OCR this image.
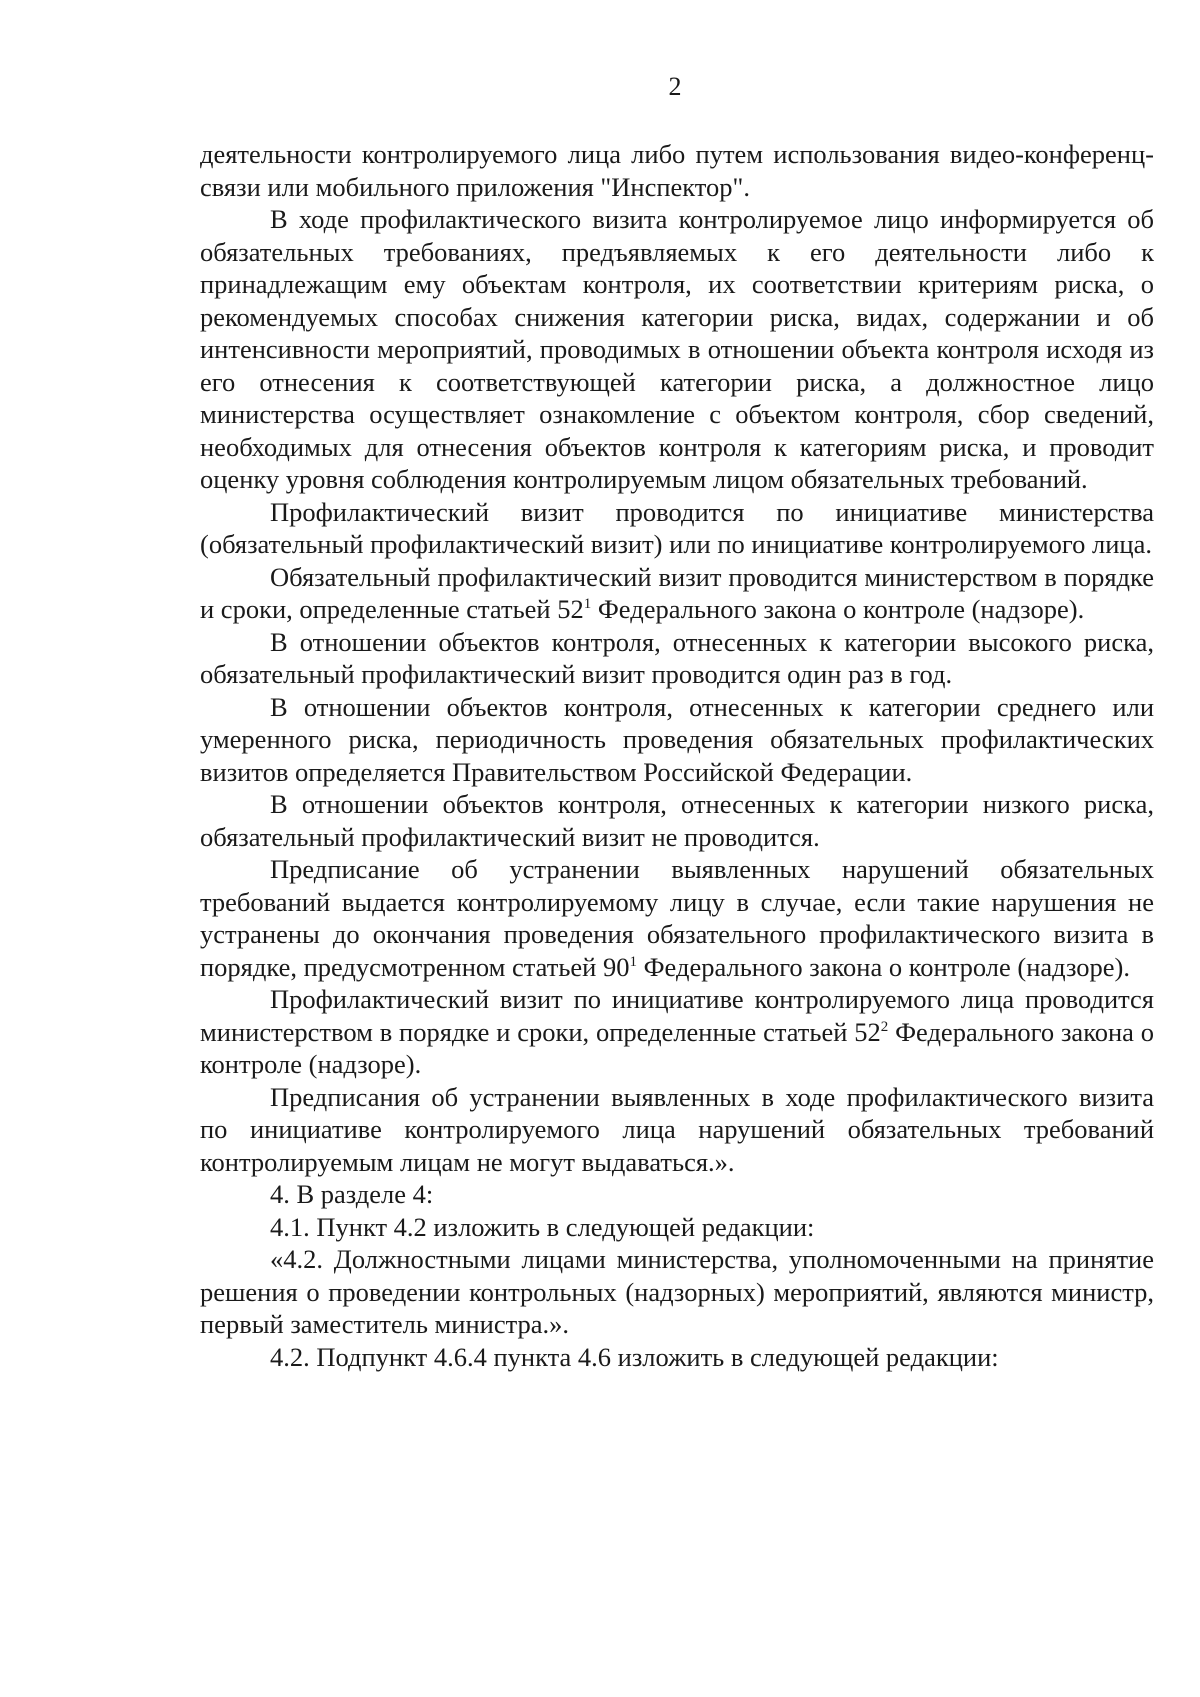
2

деятельности контролируемого лица либо путем использования видео-конференц-связи или мобильного приложения "Инспектор".

В ходе профилактического визита контролируемое лицо информируется об обязательных требованиях, предъявляемых к его деятельности либо к принадлежащим ему объектам контроля, их соответствии критериям риска, о рекомендуемых способах снижения категории риска, видах, содержании и об интенсивности мероприятий, проводимых в отношении объекта контроля исходя из его отнесения к соответствующей категории риска, а должностное лицо министерства осуществляет ознакомление с объектом контроля, сбор сведений, необходимых для отнесения объектов контроля к категориям риска, и проводит оценку уровня соблюдения контролируемым лицом обязательных требований.

Профилактический визит проводится по инициативе министерства (обязательный профилактический визит) или по инициативе контролируемого лица.

Обязательный профилактический визит проводится министерством в порядке и сроки, определенные статьей $52^1$ Федерального закона о контроле (надзоре).

В отношении объектов контроля, отнесенных к категории высокого риска, обязательный профилактический визит проводится один раз в год.

В отношении объектов контроля, отнесенных к категории среднего или умеренного риска, периодичность проведения обязательных профилактических визитов определяется Правительством Российской Федерации.

В отношении объектов контроля, отнесенных к категории низкого риска, обязательный профилактический визит не проводится.

Предписание об устранении выявленных нарушений обязательных требований выдается контролируемому лицу в случае, если такие нарушения не устранены до окончания проведения обязательного профилактического визита в порядке, предусмотренном статьей $90^1$ Федерального закона о контроле (надзоре).

Профилактический визит по инициативе контролируемого лица проводится министерством в порядке и сроки, определенные статьей $52^2$ Федерального закона о контроле (надзоре).

Предписания об устранении выявленных в ходе профилактического визита по инициативе контролируемого лица нарушений обязательных требований контролируемым лицам не могут выдаваться.».

4. В разделе 4:

4.1. Пункт 4.2 изложить в следующей редакции:

«4.2. Должностными лицами министерства, уполномоченными на принятие решения о проведении контрольных (надзорных) мероприятий, являются министр, первый заместитель министра.».

4.2. Подпункт 4.6.4 пункта 4.6 изложить в следующей редакции:
